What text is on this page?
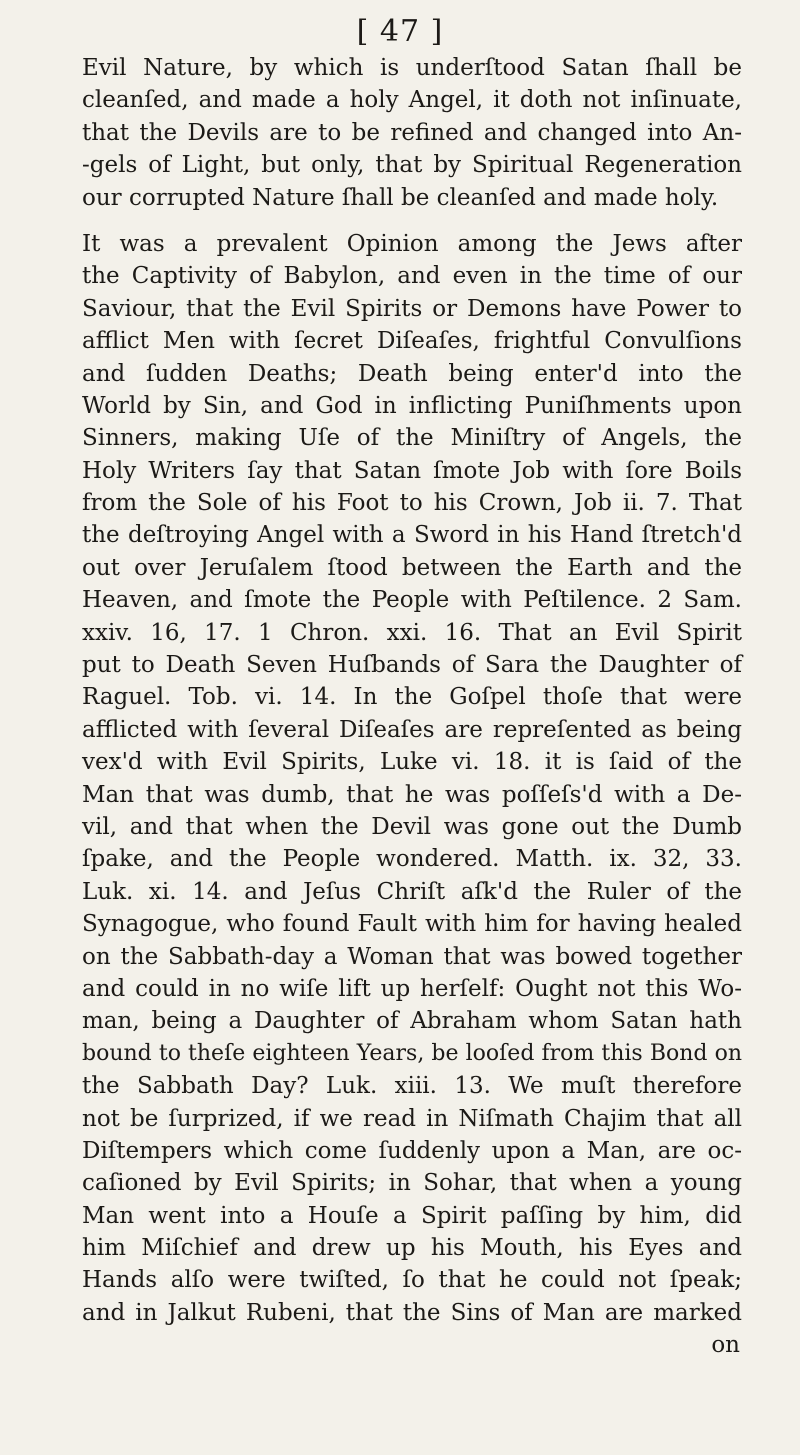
[ 47 ]
Evil Nature, by which is underſtood Satan ſhall be
cleanſed, and made a holy Angel, it doth not inſinuate,
that the Devils are to be refined and changed into An-
-gels of Light, but only, that by Spiritual Regeneration
our corrupted Nature ſhall be cleanſed and made holy.
It was a prevalent Opinion among the Jews after
the Captivity of Babylon, and even in the time of our
Saviour, that the Evil Spirits or Demons have Power to
afflict Men with ſecret Diſeaſes, frightful Convulſions
and ſudden Deaths; Death being enter'd into the
World by Sin, and God in inflicting Puniſhments upon
Sinners, making Uſe of the Miniſtry of Angels, the
Holy Writers ſay that Satan ſmote Job with ſore Boils
from the Sole of his Foot to his Crown, Job ii. 7. That
the deſtroying Angel with a Sword in his Hand ſtretch'd
out over Jeruſalem ſtood between the Earth and the
Heaven, and ſmote the People with Peſtilence. 2 Sam.
xxiv. 16, 17. 1 Chron. xxi. 16. That an Evil Spirit
put to Death Seven Huſbands of Sara the Daughter of
Raguel. Tob. vi. 14. In the Goſpel thoſe that were
afflicted with ſeveral Diſeaſes are repreſented as being
vex'd with Evil Spirits, Luke vi. 18. it is ſaid of the
Man that was dumb, that he was poſſeſs'd with a De-
vil, and that when the Devil was gone out the Dumb
ſpake, and the People wondered. Matth. ix. 32, 33.
Luk. xi. 14. and Jeſus Chriſt aſk'd the Ruler of the
Synagogue, who found Fault with him for having healed
on the Sabbath-day a Woman that was bowed together
and could in no wiſe lift up herſelf: Ought not this Wo-
man, being a Daughter of Abraham whom Satan hath
bound to theſe eighteen Years, be looſed from this Bond on
the Sabbath Day? Luk. xiii. 13. We muſt therefore
not be ſurprized, if we read in Niſmath Chajim that all
Diſtempers which come ſuddenly upon a Man, are oc-
caſioned by Evil Spirits; in Sohar, that when a young
Man went into a Houſe a Spirit paſſing by him, did
him Miſchief and drew up his Mouth, his Eyes and
Hands alſo were twiſted, ſo that he could not ſpeak;
and in Jalkut Rubeni, that the Sins of Man are marked
on
